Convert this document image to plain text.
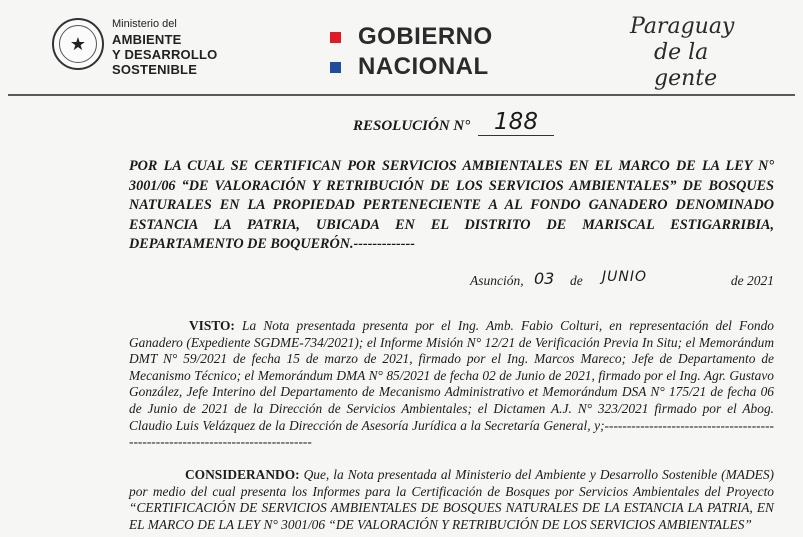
★
Ministerio del
AMBIENTE
Y DESARROLLO
SOSTENIBLE
GOBIERNO
NACIONAL
Paraguay
de la gente
RESOLUCIÓN N°	188
POR LA CUAL SE CERTIFICAN POR SERVICIOS AMBIENTALES EN EL MARCO DE LA LEY N° 3001/06 “DE VALORACIÓN Y RETRIBUCIÓN DE LOS SERVICIOS AMBIENTALES” DE BOSQUES NATURALES EN LA PROPIEDAD PERTENECIENTE A AL FONDO GANADERO DENOMINADO ESTANCIA LA PATRIA, UBICADA EN EL DISTRITO DE MARISCAL ESTIGARRIBIA, DEPARTAMENTO DE BOQUERÓN.-------------
Asunción, 03 de JUNIO	de 2021
VISTO: La Nota presentada presenta por el Ing. Amb. Fabio Colturi, en representación del Fondo Ganadero (Expediente SGDME-734/2021); el Informe Misión N° 12/21 de Verificación Previa In Situ; el Memorándum DMT N° 59/2021 de fecha 15 de marzo de 2021, firmado por el Ing. Marcos Mareco; Jefe de Departamento de Mecanismo Técnico; el Memorándum DMA N° 85/2021 de fecha 02 de Junio de 2021, firmado por el Ing. Agr. Gustavo González, Jefe Interino del Departamento de Mecanismo Administrativo et Memorándum DSA N° 175/21 de fecha 06 de Junio de 2021 de la Dirección de Servicios Ambientales; el Dictamen A.J. N° 323/2021 firmado por el Abog. Claudio Luis Velázquez de la Dirección de Asesoría Jurídica a la Secretaría General, y;-------------------------------------------------------------------------------
CONSIDERANDO: Que, la Nota presentada al Ministerio del Ambiente y Desarrollo Sostenible (MADES) por medio del cual presenta los Informes para la Certificación de Bosques por Servicios Ambientales del Proyecto “CERTIFICACIÓN DE SERVICIOS AMBIENTALES DE BOSQUES NATURALES DE LA ESTANCIA LA PATRIA, EN EL MARCO DE LA LEY N° 3001/06 “DE VALORACIÓN Y RETRIBUCIÓN DE LOS SERVICIOS AMBIENTALES”
